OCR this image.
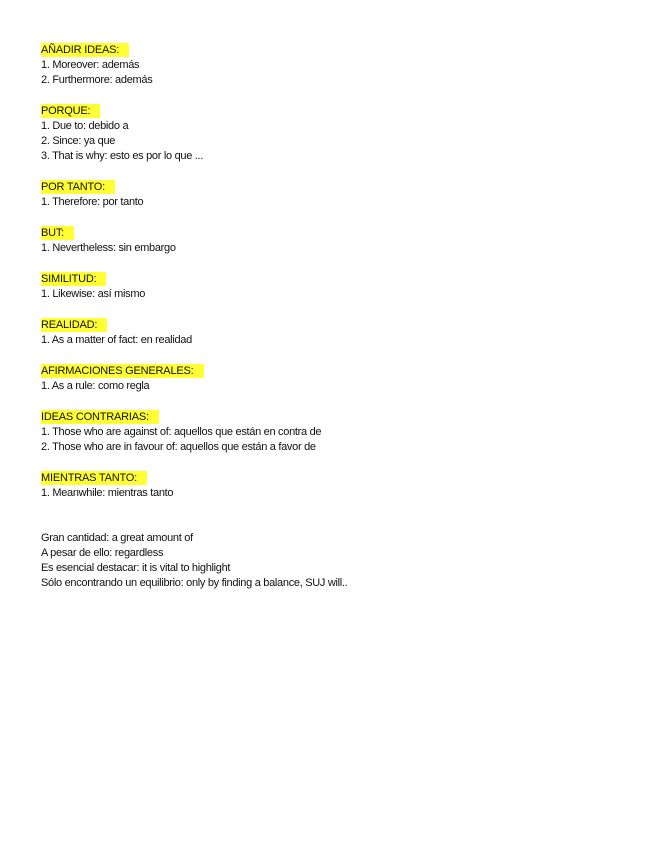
AÑADIR IDEAS:
1. Moreover: además
2. Furthermore: además
PORQUE:
1. Due to: debido a
2. Since: ya que
3. That is why: esto es por lo que ...
POR TANTO:
1. Therefore: por tanto
BUT:
1. Nevertheless: sin embargo
SIMILITUD:
1. Likewise: así mismo
REALIDAD:
1. As a matter of fact: en realidad
AFIRMACIONES GENERALES:
1. As a rule: como regla
IDEAS CONTRARIAS:
1. Those who are against of: aquellos que están en contra de
2. Those who are in favour of: aquellos que están a favor de
MIENTRAS TANTO:
1. Meanwhile: mientras tanto
Gran cantidad: a great amount of
A pesar de ello: regardless
Es esencial destacar: it is vital to highlight
Sólo encontrando un equilibrio: only by finding a balance, SUJ will..
